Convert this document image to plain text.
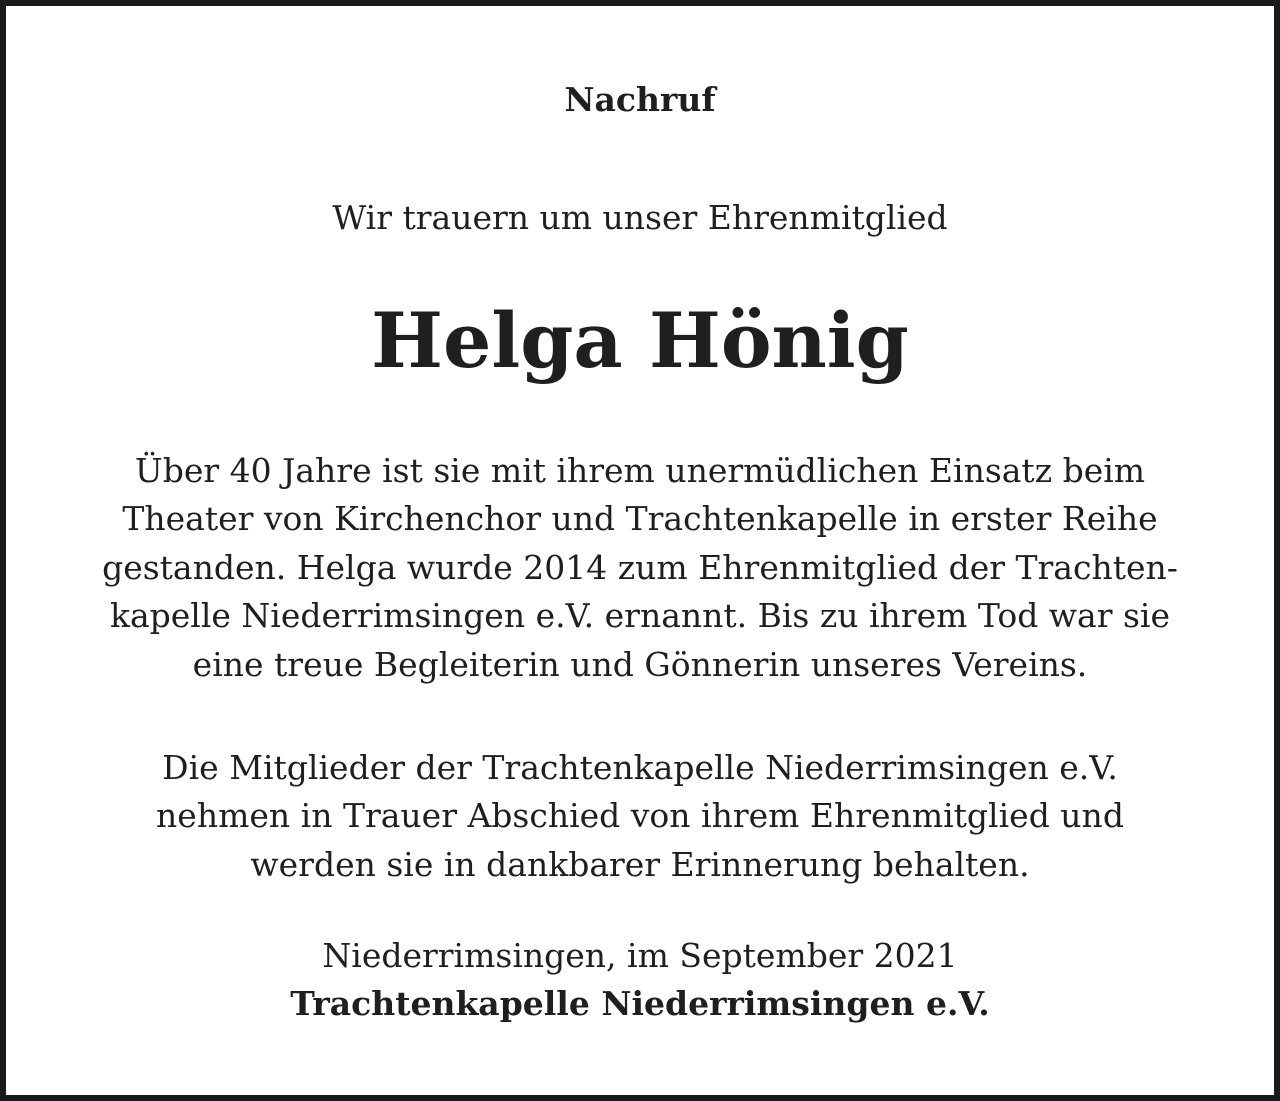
Nachruf

Wir trauern um unser Ehrenmitglied

Helga Hönig
Über 40 Jahre ist sie mit ihrem unermüdlichen Einsatz beim
Theater von Kirchenchor und Trachtenkapelle in erster Reihe
gestanden. Helga wurde 2014 zum Ehrenmitglied der Trachten-
kapelle Niederrimsingen e.V. ernannt. Bis zu ihrem Tod war sie
eine treue Begleiterin und Gönnerin unseres Vereins.
Die Mitglieder der Trachtenkapelle Niederrimsingen e.V.
nehmen in Trauer Abschied von ihrem Ehrenmitglied und
werden sie in dankbarer Erinnerung behalten.

Niederrimsingen, im September 2021

Trachtenkapelle Niederrimsingen e.V.
